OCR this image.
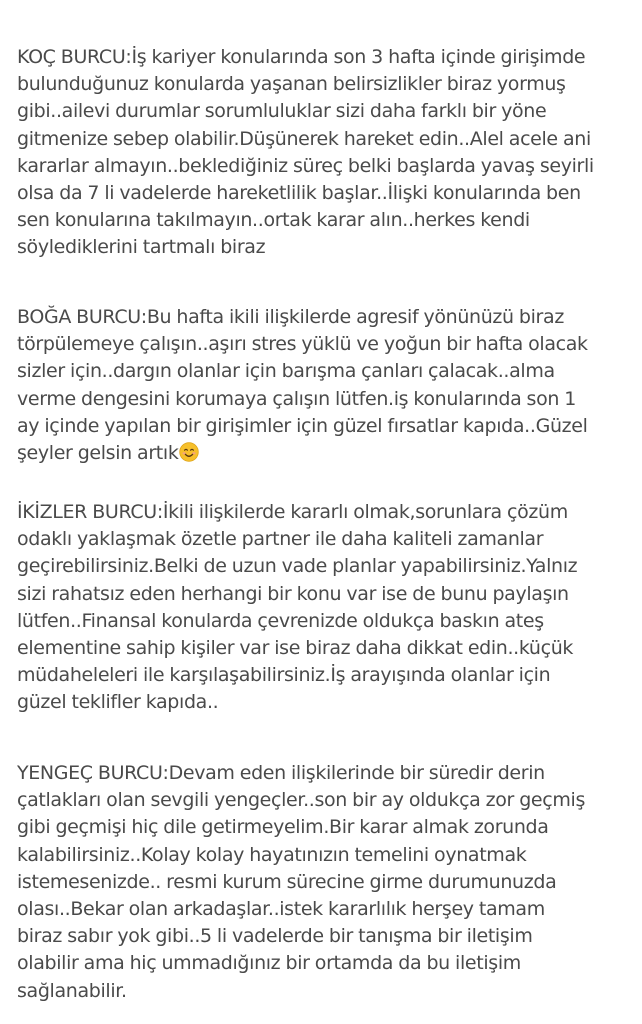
KOÇ BURCU:İş kariyer konularında son 3 hafta içinde girişimde
bulunduğunuz konularda yaşanan belirsizlikler biraz yormuş
gibi..ailevi durumlar sorumluluklar sizi daha farklı bir yöne
gitmenize sebep olabilir.Düşünerek hareket edin..Alel acele ani
kararlar almayın..beklediğiniz süreç belki başlarda yavaş seyirli
olsa da 7 li vadelerde hareketlilik başlar..İlişki konularında ben
sen konularına takılmayın..ortak karar alın..herkes kendi
söylediklerini tartmalı biraz

BOĞA BURCU:Bu hafta ikili ilişkilerde agresif yönünüzü biraz
törpülemeye çalışın..aşırı stres yüklü ve yoğun bir hafta olacak
sizler için..dargın olanlar için barışma çanları çalacak..alma
verme dengesini korumaya çalışın lütfen.iş konularında son 1
ay içinde yapılan bir girişimler için güzel fırsatlar kapıda..Güzel
şeyler gelsin artık

İKİZLER BURCU:İkili ilişkilerde kararlı olmak,sorunlara çözüm
odaklı yaklaşmak özetle partner ile daha kaliteli zamanlar
geçirebilirsiniz.Belki de uzun vade planlar yapabilirsiniz.Yalnız
sizi rahatsız eden herhangi bir konu var ise de bunu paylaşın
lütfen..Finansal konularda çevrenizde oldukça baskın ateş
elementine sahip kişiler var ise biraz daha dikkat edin..küçük
müdaheleleri ile karşılaşabilirsiniz.İş arayışında olanlar için
güzel teklifler kapıda..

YENGEÇ BURCU:Devam eden ilişkilerinde bir süredir derin
çatlakları olan sevgili yengeçler..son bir ay oldukça zor geçmiş
gibi geçmişi hiç dile getirmeyelim.Bir karar almak zorunda
kalabilirsiniz..Kolay kolay hayatınızın temelini oynatmak
istemesenizde.. resmi kurum sürecine girme durumunuzda
olası..Bekar olan arkadaşlar..istek kararlılık herşey tamam
biraz sabır yok gibi..5 li vadelerde bir tanışma bir iletişim
olabilir ama hiç ummadığınız bir ortamda da bu iletişim
sağlanabilir.
